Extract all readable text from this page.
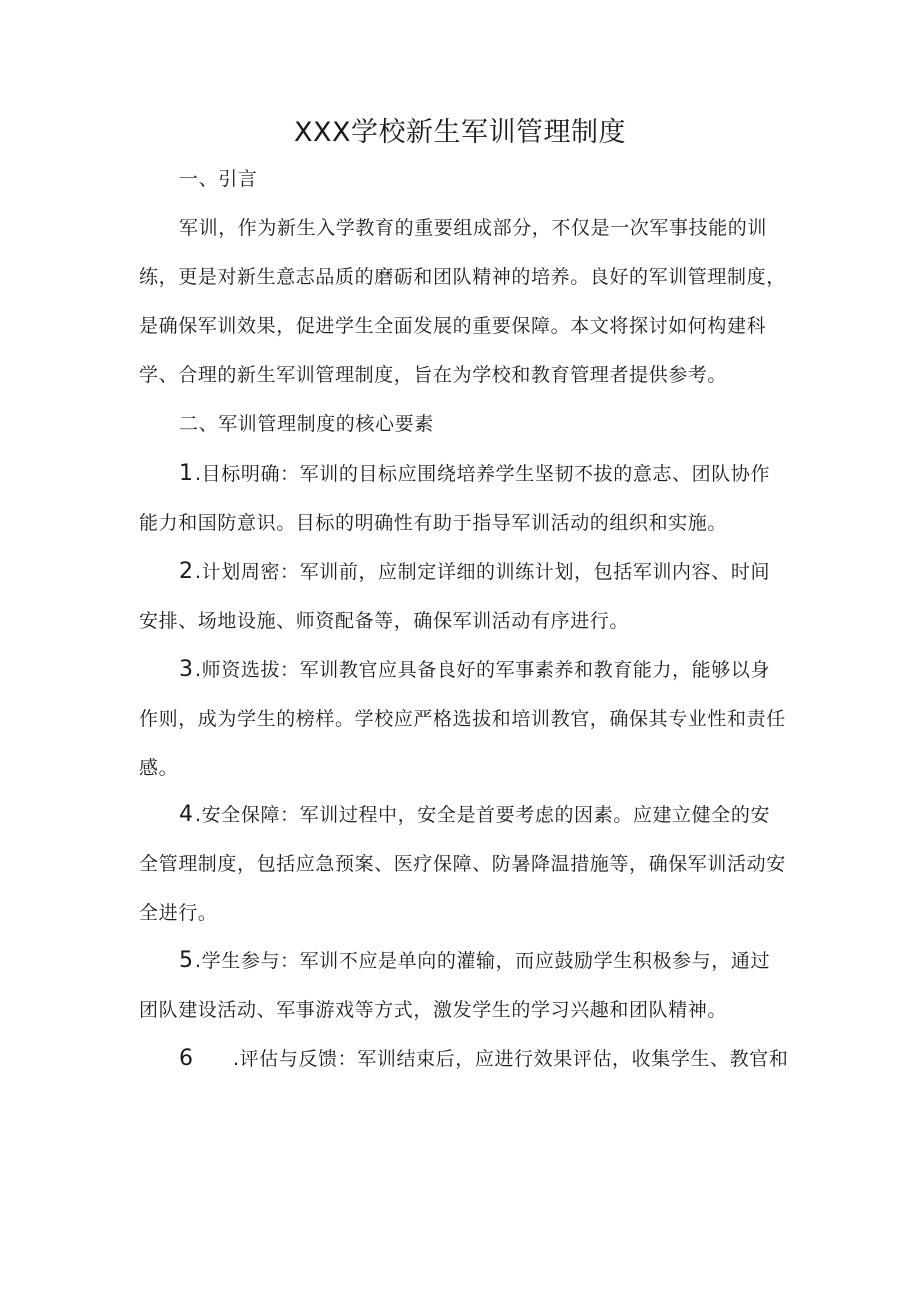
XXX学校新生军训管理制度

一、引言

军训，作为新生入学教育的重要组成部分，不仅是一次军事技能的训练，更是对新生意志品质的磨砺和团队精神的培养。良好的军训管理制度，是确保军训效果，促进学生全面发展的重要保障。本文将探讨如何构建科学、合理的新生军训管理制度，旨在为学校和教育管理者提供参考。

二、军训管理制度的核心要素

1.目标明确：军训的目标应围绕培养学生坚韧不拔的意志、团队协作能力和国防意识。目标的明确性有助于指导军训活动的组织和实施。

2.计划周密：军训前，应制定详细的训练计划，包括军训内容、时间安排、场地设施、师资配备等，确保军训活动有序进行。

3.师资选拔：军训教官应具备良好的军事素养和教育能力，能够以身作则，成为学生的榜样。学校应严格选拔和培训教官，确保其专业性和责任感。

4.安全保障：军训过程中，安全是首要考虑的因素。应建立健全的安全管理制度，包括应急预案、医疗保障、防暑降温措施等，确保军训活动安全进行。

5.学生参与：军训不应是单向的灌输，而应鼓励学生积极参与，通过团队建设活动、军事游戏等方式，激发学生的学习兴趣和团队精神。

6 .评估与反馈：军训结束后，应进行效果评估，收集学生、教官和
